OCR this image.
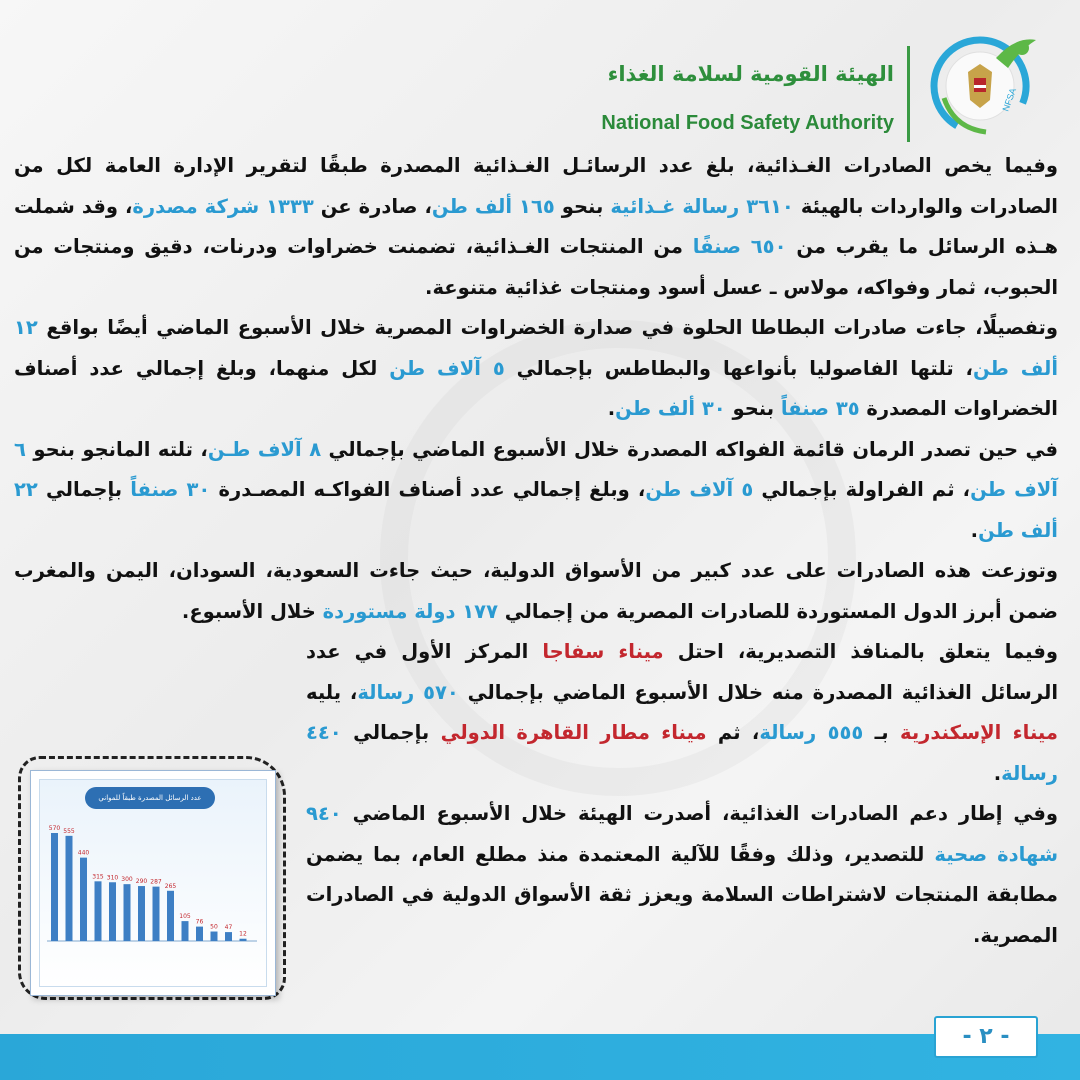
NFSA
الهيئة القومية لسلامة الغذاء
National Food Safety Authority

وفيما يخص الصادرات الغـذائية، بلغ عدد الرسائـل الغـذائية المصدرة طبقًا لتقرير الإدارة العامة لكل من الصادرات والواردات بالهيئة ٣٦١٠ رسالة غـذائية بنحو ١٦٥ ألف طن، صادرة عن ١٣٣٣ شركة مصدرة، وقد شملت هـذه الرسائل ما يقرب من ٦٥٠ صنفًا من المنتجات الغـذائية، تضمنت خضراوات ودرنات، دقيق ومنتجات من الحبوب، ثمار وفواكه، مولاس ـ عسل أسود ومنتجات غذائية متنوعة.

وتفصيلًا، جاءت صادرات البطاطا الحلوة في صدارة الخضراوات المصرية خلال الأسبوع الماضي أيضًا بواقع ١٢ ألف طن، تلتها الفاصوليا بأنواعها والبطاطس بإجمالي ٥ آلاف طن لكل منهما، وبلغ إجمالي عدد أصناف الخضراوات المصدرة ٣٥ صنفاً بنحو ٣٠ ألف طن.

في حين تصدر الرمان قائمة الفواكه المصدرة خلال الأسبوع الماضي بإجمالي ٨ آلاف طـن، تلته المانجو بنحو ٦ آلاف طن، ثم الفراولة بإجمالي ٥ آلاف طن، وبلغ إجمالي عدد أصناف الفواكـه المصـدرة ٣٠ صنفاً بإجمالي ٢٢ ألف طن.

وتوزعت هذه الصادرات على عدد كبير من الأسواق الدولية، حيث جاءت السعودية، السودان، اليمن والمغرب ضمن أبرز الدول المستوردة للصادرات المصرية من إجمالي ١٧٧ دولة مستوردة خلال الأسبوع.

وفيما يتعلق بالمنافذ التصديرية، احتل ميناء سفاجا المركز الأول في عدد الرسائل الغذائية المصدرة منه خلال الأسبوع الماضي بإجمالي ٥٧٠ رسالة، يليه ميناء الإسكندرية بـ ٥٥٥ رسالة، ثم ميناء مطار القاهرة الدولي بإجمالي ٤٤٠ رسالة.

وفي إطار دعم الصادرات الغذائية، أصدرت الهيئة خلال الأسبوع الماضي ٩٤٠ شهادة صحية للتصدير، وذلك وفقًا للآلية المعتمدة منذ مطلع العام، بما يضمن مطابقة المنتجات لاشتراطات السلامة ويعزز ثقة الأسواق الدولية في الصادرات المصرية.

عدد الرسائل المصدرة طبقاً للمواني
570 555
440
315 310 300 290 287
265
105
76
50 47
12
- ٢ -
